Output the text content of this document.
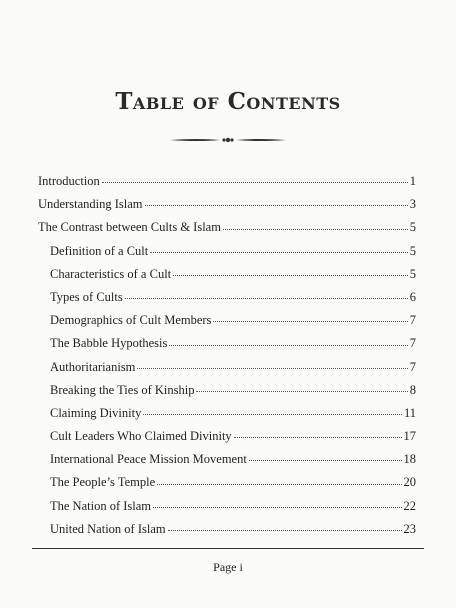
Table of Contents
Introduction	1
Understanding Islam	3
The Contrast between Cults & Islam	5
Definition of a Cult	5
Characteristics of a Cult	5
Types of Cults	6
Demographics of Cult Members	7
The Babble Hypothesis	7
Authoritarianism	7
Breaking the Ties of Kinship	8
Claiming Divinity	11
Cult Leaders Who Claimed Divinity	17
International Peace Mission Movement	18
The People’s Temple	20
The Nation of Islam	22
United Nation of Islam	23
Page i
